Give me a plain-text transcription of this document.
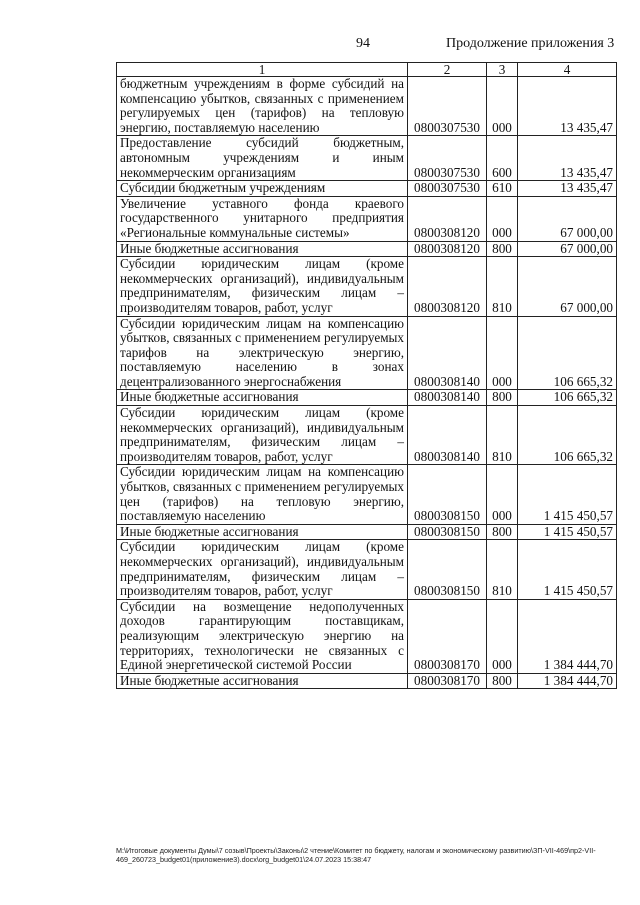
94	Продолжение приложения 3
1	2	3	4
бюджетным учреждениям в форме субсидий на компенсацию убытков, связанных с применением регулируемых цен (тарифов) на тепловую энергию, поставляемую населению	0800307530	000	13 435,47
Предоставление субсидий бюджетным, автономным учреждениям и иным некоммерческим организациям	0800307530	600	13 435,47
Субсидии бюджетным учреждениям	0800307530	610	13 435,47
Увеличение уставного фонда краевого государственного унитарного предприятия «Региональные коммунальные системы»	0800308120	000	67 000,00
Иные бюджетные ассигнования	0800308120	800	67 000,00
Субсидии юридическим лицам (кроме некоммерческих организаций), индивидуальным предпринимателям, физическим лицам – производителям товаров, работ, услуг	0800308120	810	67 000,00
Субсидии юридическим лицам на компенсацию убытков, связанных с применением регулируемых тарифов на электрическую энергию, поставляемую населению в зонах децентрализованного энергоснабжения	0800308140	000	106 665,32
Иные бюджетные ассигнования	0800308140	800	106 665,32
Субсидии юридическим лицам (кроме некоммерческих организаций), индивидуальным предпринимателям, физическим лицам – производителям товаров, работ, услуг	0800308140	810	106 665,32
Субсидии юридическим лицам на компенсацию убытков, связанных с применением регулируемых цен (тарифов) на тепловую энергию, поставляемую населению	0800308150	000	1 415 450,57
Иные бюджетные ассигнования	0800308150	800	1 415 450,57
Субсидии юридическим лицам (кроме некоммерческих организаций), индивидуальным предпринимателям, физическим лицам – производителям товаров, работ, услуг	0800308150	810	1 415 450,57
Субсидии на возмещение недополученных доходов гарантирующим поставщикам, реализующим электрическую энергию на территориях, технологически не связанных с Единой энергетической системой России	0800308170	000	1 384 444,70
Иные бюджетные ассигнования	0800308170	800	1 384 444,70
M:\Итоговые документы Думы\7 созыв\Проекты\Законы\2 чтение\Комитет по бюджету, налогам и экономическому развитию\ЗП-VII-469\пр2-VII-469_260723_budget01(приложение3).docx\org_budget01\24.07.2023 15:38:47
